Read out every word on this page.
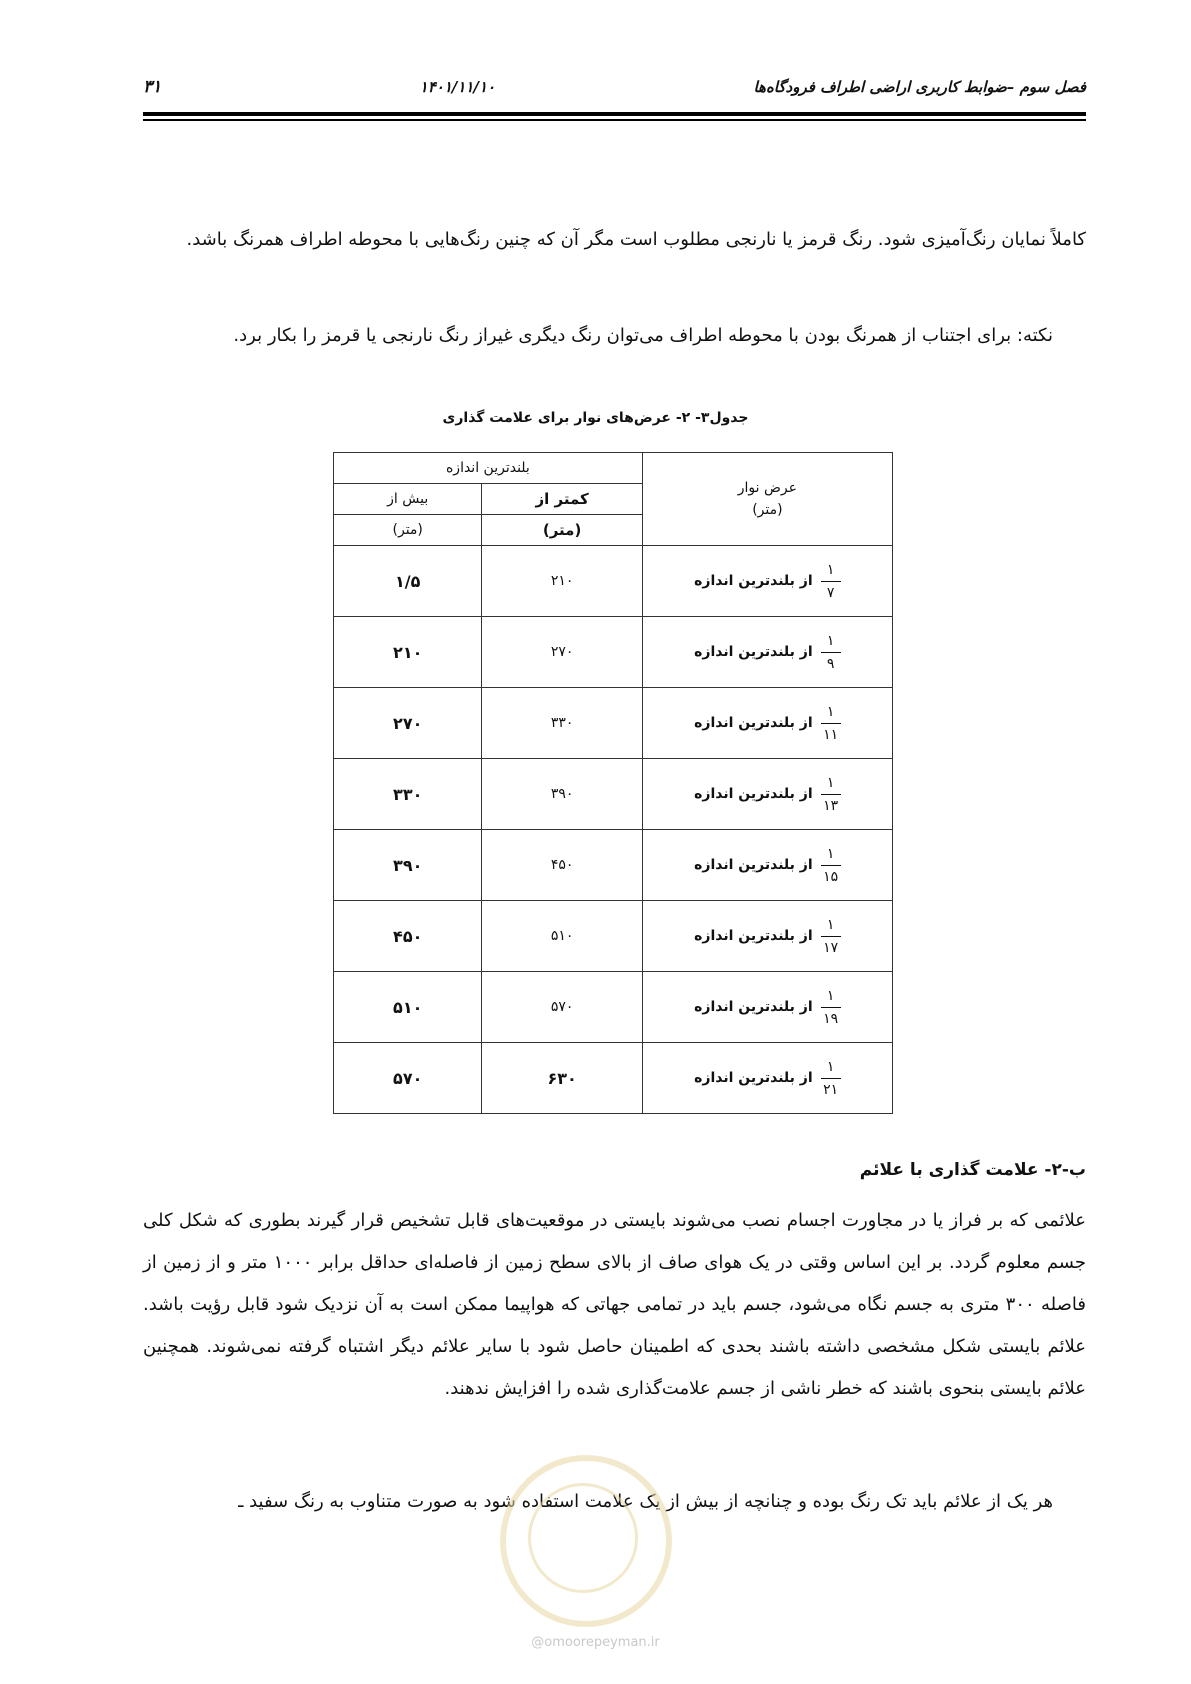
فصل سوم –ضوابط کاربری اراضی اطراف فرودگاه‌ها
۱۴۰۱/۱۱/۱۰
۳۱
کاملاً نمایان رنگ‌آمیزی شود. رنگ قرمز یا نارنجی مطلوب است مگر آن که چنین رنگ‌هایی با محوطه اطراف همرنگ باشد.
نکته: برای اجتناب از همرنگ بودن با محوطه اطراف می‌توان رنگ دیگری غیراز رنگ نارنجی یا قرمز را بکار برد.
جدول۳- ۲- عرض‌های نوار برای علامت گذاری
بلندترین اندازه		عرض نوار
(متر)

بیش از	کمتر از	
(متر)	(متر)	
۱/۵	۲۱۰	$\frac{۱}{۷}$
از بلندترین اندازه

۲۱۰	۲۷۰	$\frac{۱}{۹}$
از بلندترین اندازه

۲۷۰	۳۳۰	$\frac{۱}{۱۱}$
از بلندترین اندازه

۳۳۰	۳۹۰	$\frac{۱}{۱۳}$
از بلندترین اندازه

۳۹۰	۴۵۰	$\frac{۱}{۱۵}$
از بلندترین اندازه

۴۵۰	۵۱۰	$\frac{۱}{۱۷}$
از بلندترین اندازه

۵۱۰	۵۷۰	$\frac{۱}{۱۹}$
از بلندترین اندازه

۵۷۰	۶۳۰	$\frac{۱}{۲۱}$
از بلندترین اندازه
ب-۲- علامت گذاری با علائم
علائمی که بر فراز یا در مجاورت اجسام نصب می‌شوند بایستی در موقعیت‌های قابل تشخیص قرار گیرند بطوری که شکل کلی جسم معلوم گردد. بر این اساس وقتی در یک هوای صاف از بالای سطح زمین از فاصله‌ای حداقل برابر ۱۰۰۰ متر و از زمین از فاصله ۳۰۰ متری به جسم نگاه می‌شود، جسم باید در تمامی جهاتی که هواپیما ممکن است به آن نزدیک شود قابل رؤیت باشد. علائم بایستی شکل مشخصی داشته باشند بحدی که اطمینان حاصل شود با سایر علائم دیگر اشتباه گرفته نمی‌شوند. همچنین علائم بایستی بنحوی باشند که خطر ناشی از جسم علامت‌گذاری شده را افزایش ندهند.
هر یک از علائم باید تک رنگ بوده و چنانچه از بیش از یک علامت استفاده شود به صورت متناوب به رنگ سفید ـ
@omoorepeyman.ir
